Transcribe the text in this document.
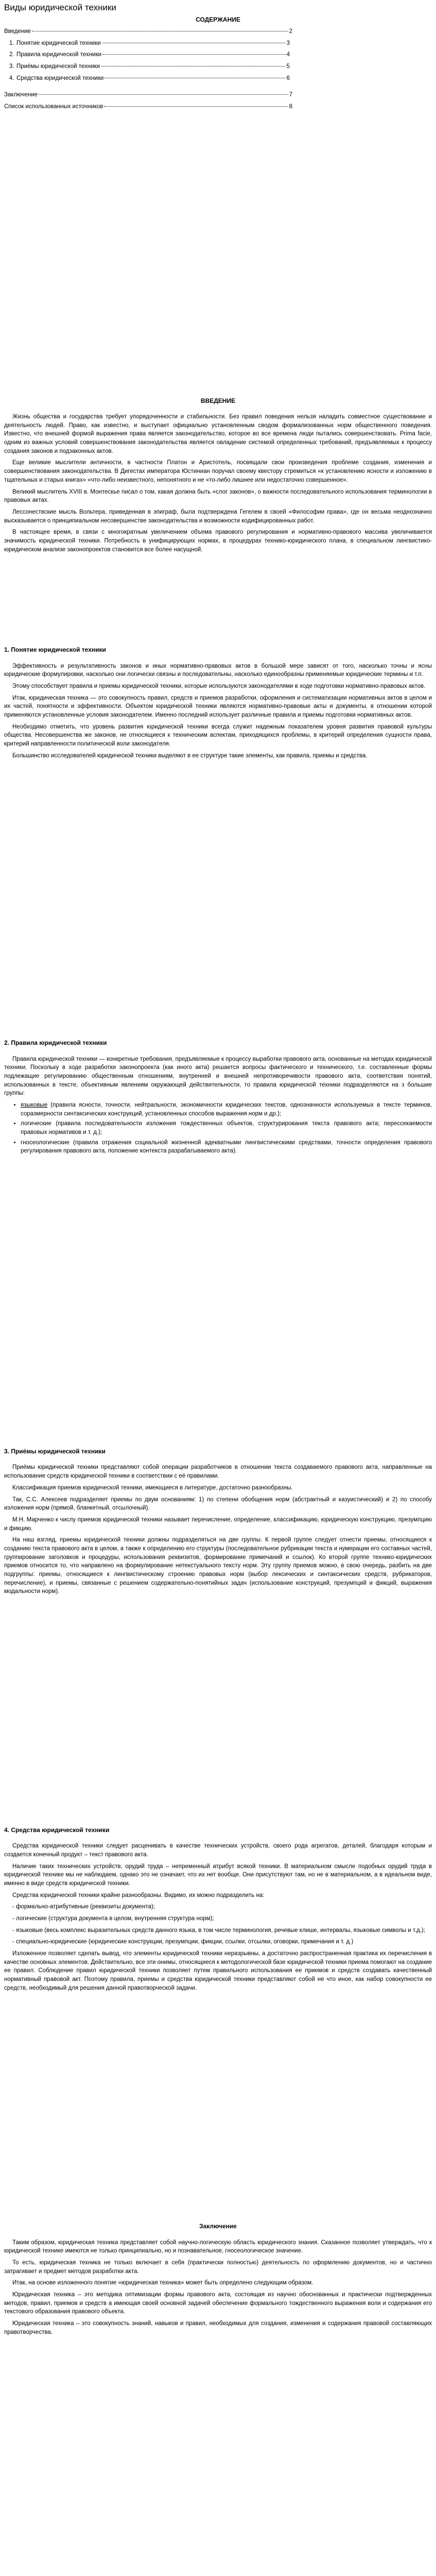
Виды юридической техники
СОДЕРЖАНИЕ
Введение	2
1. Понятие юридической техники	3
2. Правила юридической техники	4
3. Приёмы юридической техники	5
4. Средства юридической техники	6
Заключение	7
Список использованных источников	8
ВВЕДЕНИЕ

Жизнь общества и государства требует упорядоченности и стабильности. Без правил поведения нельзя наладить совместное существование и деятельность людей. Право, как известно, и выступает официально установленным сводом формализованных норм общественного поведения. Известно, что внешней формой выражения права является законодательство, которое во все времена люди пытались совершенствовать. Prima facie, одним из важных условий совершенствования законодательства является овладение системой определенных требований, предъявляемых к процессу создания законов и подзаконных актов.

Еще великие мыслители античности, в частности Платон и Аристотель, посвящали свои произведения проблеме создания, изменения и совершенствования законодательства. В Дигестах императора Юстиниан поручал своему квестору стремиться «к установлению ясности и изложению в тщательных и старых книгах» «что-либо неизвестного, непонятного и не «то-либо лишнее или недостаточно совершенное».

Великий мыслитель XVIII в. Монтескье писал о том, какая должна быть «слог законов», о важности последовательного использования терминологии в правовых актах.

Лессонествские мысль Вольтера, приведенная в эпиграф, была подтверждена Гегелем в своей «Философии права», где он весьма неоднозначно высказывается о принципиальном несовершенстве законодательства и возможности кодифицированных работ.

В настоящее время, в связи с многократным увеличением объема правового регулирования и нормативно-правового массива увеличивается значимость юридической техники. Потребность в унифицирующих нормах, в процедурах технико-юридического плана, в специальном лингвистико-юридическом анализе законопроектов становится все более насущной.

1. Понятие юридической техники

Эффективность и результативность законов и иных нормативно-правовых актов в большой мере зависят от того, насколько точны и ясны юридические формулировки, насколько они логически связны и последовательны, насколько единообразны применяемые юридические термины и т.п.

Этому способствует правила и приемы юридической техники, которые используются законодателями в ходе подготовки нормативно-правовых актов.

Итак, юридическая техника — это совокупность правил, средств и приемов разработки, оформления и систематизации нормативных актов в целом и их частей, понятности и эффективности. Объектом юридической техники являются нормативно-правовые акты и документы, в отношении которой применяются установленные условия законодателем. Именно последний использует различные правила и приемы подготовки нормативных актов.

Необходимо отметить, что уровень развития юридической техники всегда служит надежным показателем уровня развития правовой культуры общества. Несовершенства же законов, не относящиеся к техническим аспектам, приходящихся проблемы, в критерий определения сущности права, критерий направленности политической воли законодателя.

Большинство исследователей юридической техники выделяют в ее структуре такие элементы, как правила, приемы и средства.

2. Правила юридической техники

Правила юридической техники — конкретные требования, предъявляемые к процессу выработки правового акта, основанные на методах юридической техники. Поскольку в ходе разработки законопроекта (как иного акта) решается вопросы фактического и технического, т.е. составленные формы подлежащие регулированию общественным отношениям, внутренней и внешней непротиворечивости правового акта, соответствия понятий, использованных в тексте, объективным явлениям окружающей действительности, то правила юридической техники подразделяются на з большие группы:

• языковые (правила ясности, точности, нейтральности, экономичности юридических текстов, однозначности используемых в тексте терминов, соразмерности синтаксических конструкций, установленных способов выражения норм и др.);
• логические (правила последовательности изложения тождественных объектов, структурирования текста правового акта; перессекаемости правовых нормативов и т. д.);
• гносеологические (правила отражения социальной жизненной адекватными лингвистическими средствами, точности определения правового регулирования правового акта, положение контекста разрабатываемого акта).
3. Приёмы юридической техники

Приёмы юридической техники представляют собой операции разработчиков в отношении текста создаваемого правового акта, направленные на использование средств юридической техники в соответствии с её правилами.

Классификация приемов юридической техники, имеющиеся в литературе, достаточно разнообразны.

Так, С.С. Алексеев подразделяет приемы по двум основаниям: 1) по степени обобщения норм (абстрактный и казуистический) и 2) по способу изложения норм (прямой, бланкетный, отсылочный).

М.Н. Марченко к числу приемов юридической техники называет перечисление, определение, классификацию, юридическую конструкцию, презумпцию и фикцию.

На наш взгляд, приемы юридической техники должны подразделяться на две группы. К первой группе следует отнести приемы, относящиеся к созданию текста правового акта в целом, а также к определению его структуры (последовательное рубрикации текста и нумерации его составных частей, группирование заголовков и процедуры, использования реквизитов, формирование примечаний и ссылок). Ко второй группе технико-юридических приемов относится то, что направлено на формулирование нетекстуального тексту норм. Эту группу приемов можно, в свою очередь, разбить на две подгруппы: приемы, относящиеся к лингвистическому строению правовых норм (выбор лексических и синтаксических средств, рубрикаторов, перечисление), и приемы, связанные с решением содержательно-понятийных задач (использование конструкций, презумпций и фикций, выражения модальности норм).

4. Средства юридической техники

Средства юридической техники следует расценивать в качестве технических устройств, своего рода агрегатов, деталей, благодаря которым и создается конечный продукт – текст правового акта.

Наличие таких технических устройств, орудий труда – непременный атрибут всякой техники. В материальном смысле подобных орудий труда в юридической технике мы не наблюдаем, однако это не означает, что их нет вообще. Они присутствуют там, но не в материальном, а в идеальном виде, именно в виде средств юридической техники.

Средства юридической техники крайне разнообразны. Видимо, их можно подразделить на:

- формально-атрибутивные (реквизиты документа);

- логические (структура документа в целом, внутренняя структура норм);

- языковые (весь комплекс выразительных средств данного языка, в том числе терминология, речевые клише, интервалы, языковые символы и т.д.);

- специально-юридические (юридические конструкции, презумпции, фикции, ссылки, отсылки, оговорки, примечания и т. д.)

Изложенное позволяет сделать вывод, что элементы юридической техники неразрывны, а достаточно распространенная практика их перечисления в качестве основных элементов. Действительно, все эти онимы, относящиеся к методологической базе юридической техники приема помогают на создание ее правил. Соблюдение правил юридической техники позволяет путем правильного использования ее приемов и средств создавать качественный нормативный правовой акт. Поэтому правила, приемы и средства юридической техники представляют собой не что иное, как набор совокупности ее средств, необходимый для решения данной правотворческой задачи.

Заключение

Таким образом, юридическая техника представляет собой научно-логическую область юридического знания. Сказанное позволяет утверждать, что к юридической технике имеются не только принципиально, но и познавательное, гносеологическое значение.

То есть, юридическая техника не только включает в себя (практически полностью) деятельность по оформлению документов, но и частично затрагивает и предмет методов разработки акта.

Итак, на основе изложенного понятие «юридическая техника» может быть определено следующим образом.

Юридическая техника – это методика оптимизации формы правового акта, состоящая из научно обоснованных и практически подтвержденных методов, правил, приемов и средств а имеющая своей основной задачей обеспечение формального тождественного выражения воли и содержания его текстового образования правового объекта.

Юридическая техника – это совокупность знаний, навыков и правил, необходимых для создания, изменения и содержания правовой составляющих правотворчества.
